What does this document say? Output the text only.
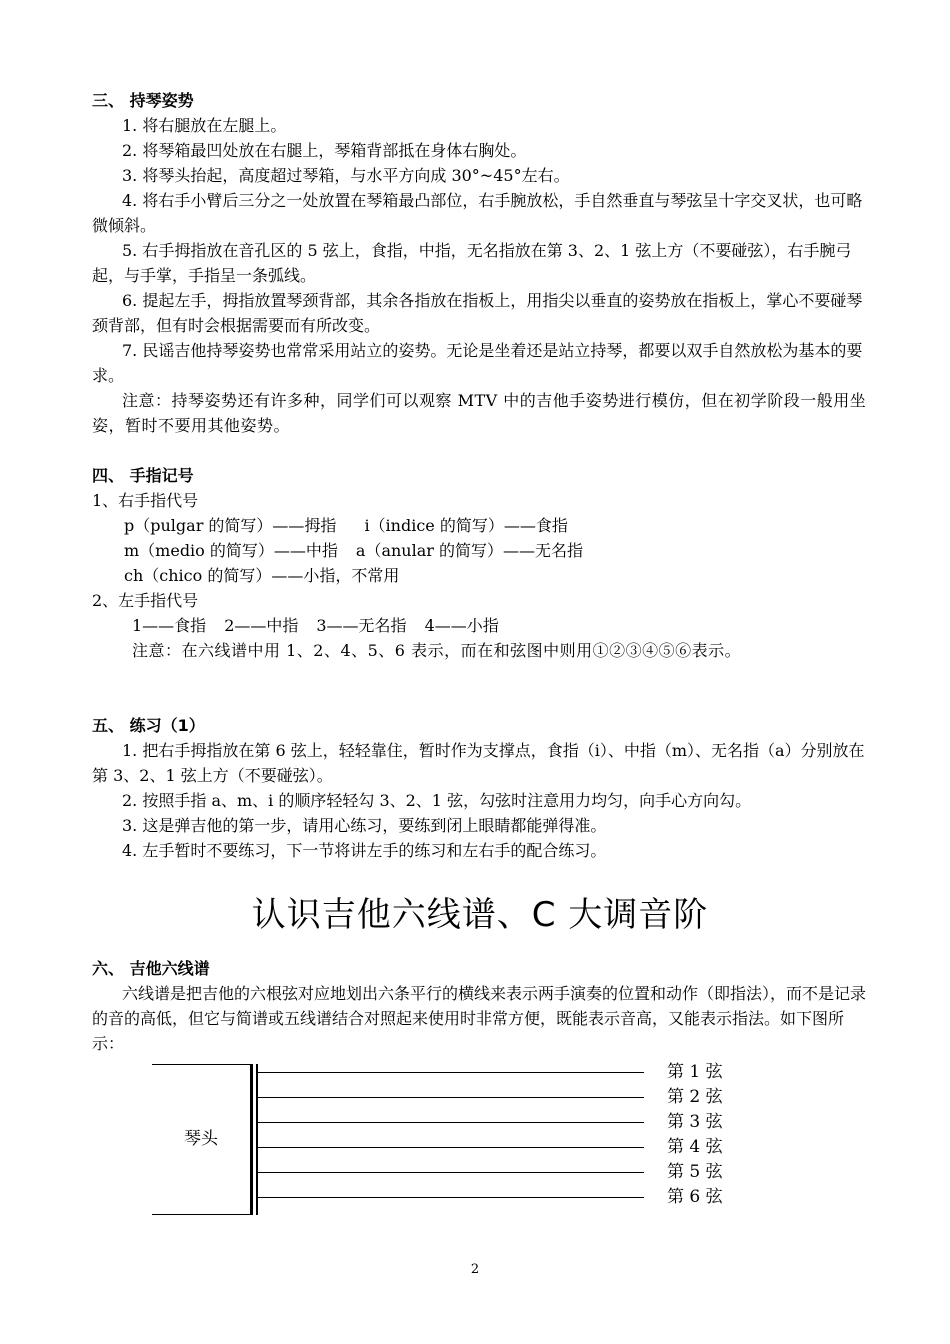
三、 持琴姿势
1. 将右腿放在左腿上。
2. 将琴箱最凹处放在右腿上，琴箱背部抵在身体右胸处。
3. 将琴头抬起，高度超过琴箱，与水平方向成 30°~45°左右。
4. 将右手小臂后三分之一处放置在琴箱最凸部位，右手腕放松，手自然垂直与琴弦呈十字交叉状，也可略微倾斜。
5. 右手拇指放在音孔区的 5 弦上，食指，中指，无名指放在第 3、2、1 弦上方（不要碰弦），右手腕弓起，与手掌，手指呈一条弧线。
6. 提起左手，拇指放置琴颈背部，其余各指放在指板上，用指尖以垂直的姿势放在指板上，掌心不要碰琴颈背部，但有时会根据需要而有所改变。
7. 民谣吉他持琴姿势也常常采用站立的姿势。无论是坐着还是站立持琴，都要以双手自然放松为基本的要求。
注意：持琴姿势还有许多种，同学们可以观察 MTV 中的吉他手姿势进行模仿，但在初学阶段一般用坐姿，暂时不要用其他姿势。
四、 手指记号
1、右手指代号
p（pulgar 的简写）——拇指 i（indice 的简写）——食指
m（medio 的简写）——中指 a（anular 的简写）——无名指
ch（chico 的简写）——小指，不常用
2、左手指代号
1——食指 2——中指 3——无名指 4——小指
注意：在六线谱中用 1、2、4、5、6 表示，而在和弦图中则用①②③④⑤⑥表示。
五、 练习（1）
1. 把右手拇指放在第 6 弦上，轻轻靠住，暂时作为支撑点，食指（i）、中指（m）、无名指（a）分别放在第 3、2、1 弦上方（不要碰弦）。
2. 按照手指 a、m、i 的顺序轻轻勾 3、2、1 弦，勾弦时注意用力均匀，向手心方向勾。
3. 这是弹吉他的第一步，请用心练习，要练到闭上眼睛都能弹得准。
4. 左手暂时不要练习，下一节将讲左手的练习和左右手的配合练习。
认识吉他六线谱、C 大调音阶
六、 吉他六线谱
六线谱是把吉他的六根弦对应地划出六条平行的横线来表示两手演奏的位置和动作（即指法），而不是记录的音的高低，但它与简谱或五线谱结合对照起来使用时非常方便，既能表示音高，又能表示指法。如下图所示：
琴头
第 1 弦
第 2 弦
第 3 弦
第 4 弦
第 5 弦
第 6 弦
2
